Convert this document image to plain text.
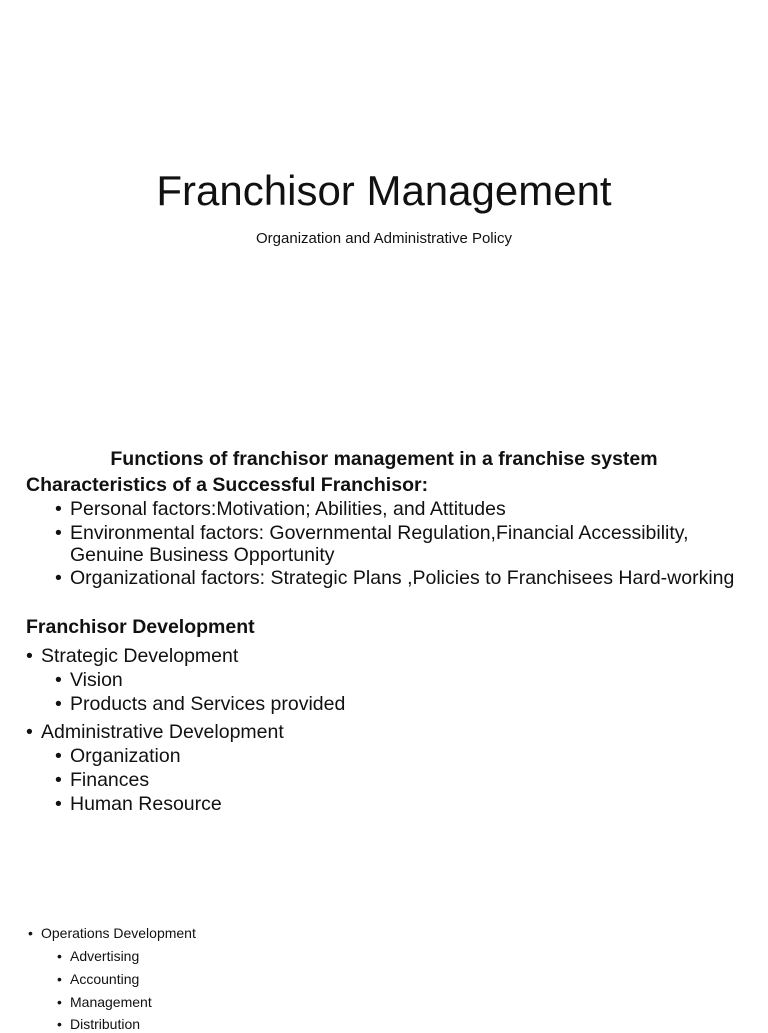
Franchisor Management
Organization and Administrative Policy
Functions of franchisor management in a franchise system
Characteristics of a Successful Franchisor:
• Personal factors:Motivation; Abilities, and Attitudes
• Environmental factors: Governmental Regulation,Financial Accessibility, Genuine Business Opportunity
• Organizational factors: Strategic Plans ,Policies to Franchisees Hard-working
Franchisor Development
• Strategic Development
• Vision
• Products and Services provided
• Administrative Development
• Organization
• Finances
• Human Resource
• Operations Development
• Advertising
• Accounting
• Management
• Distribution
